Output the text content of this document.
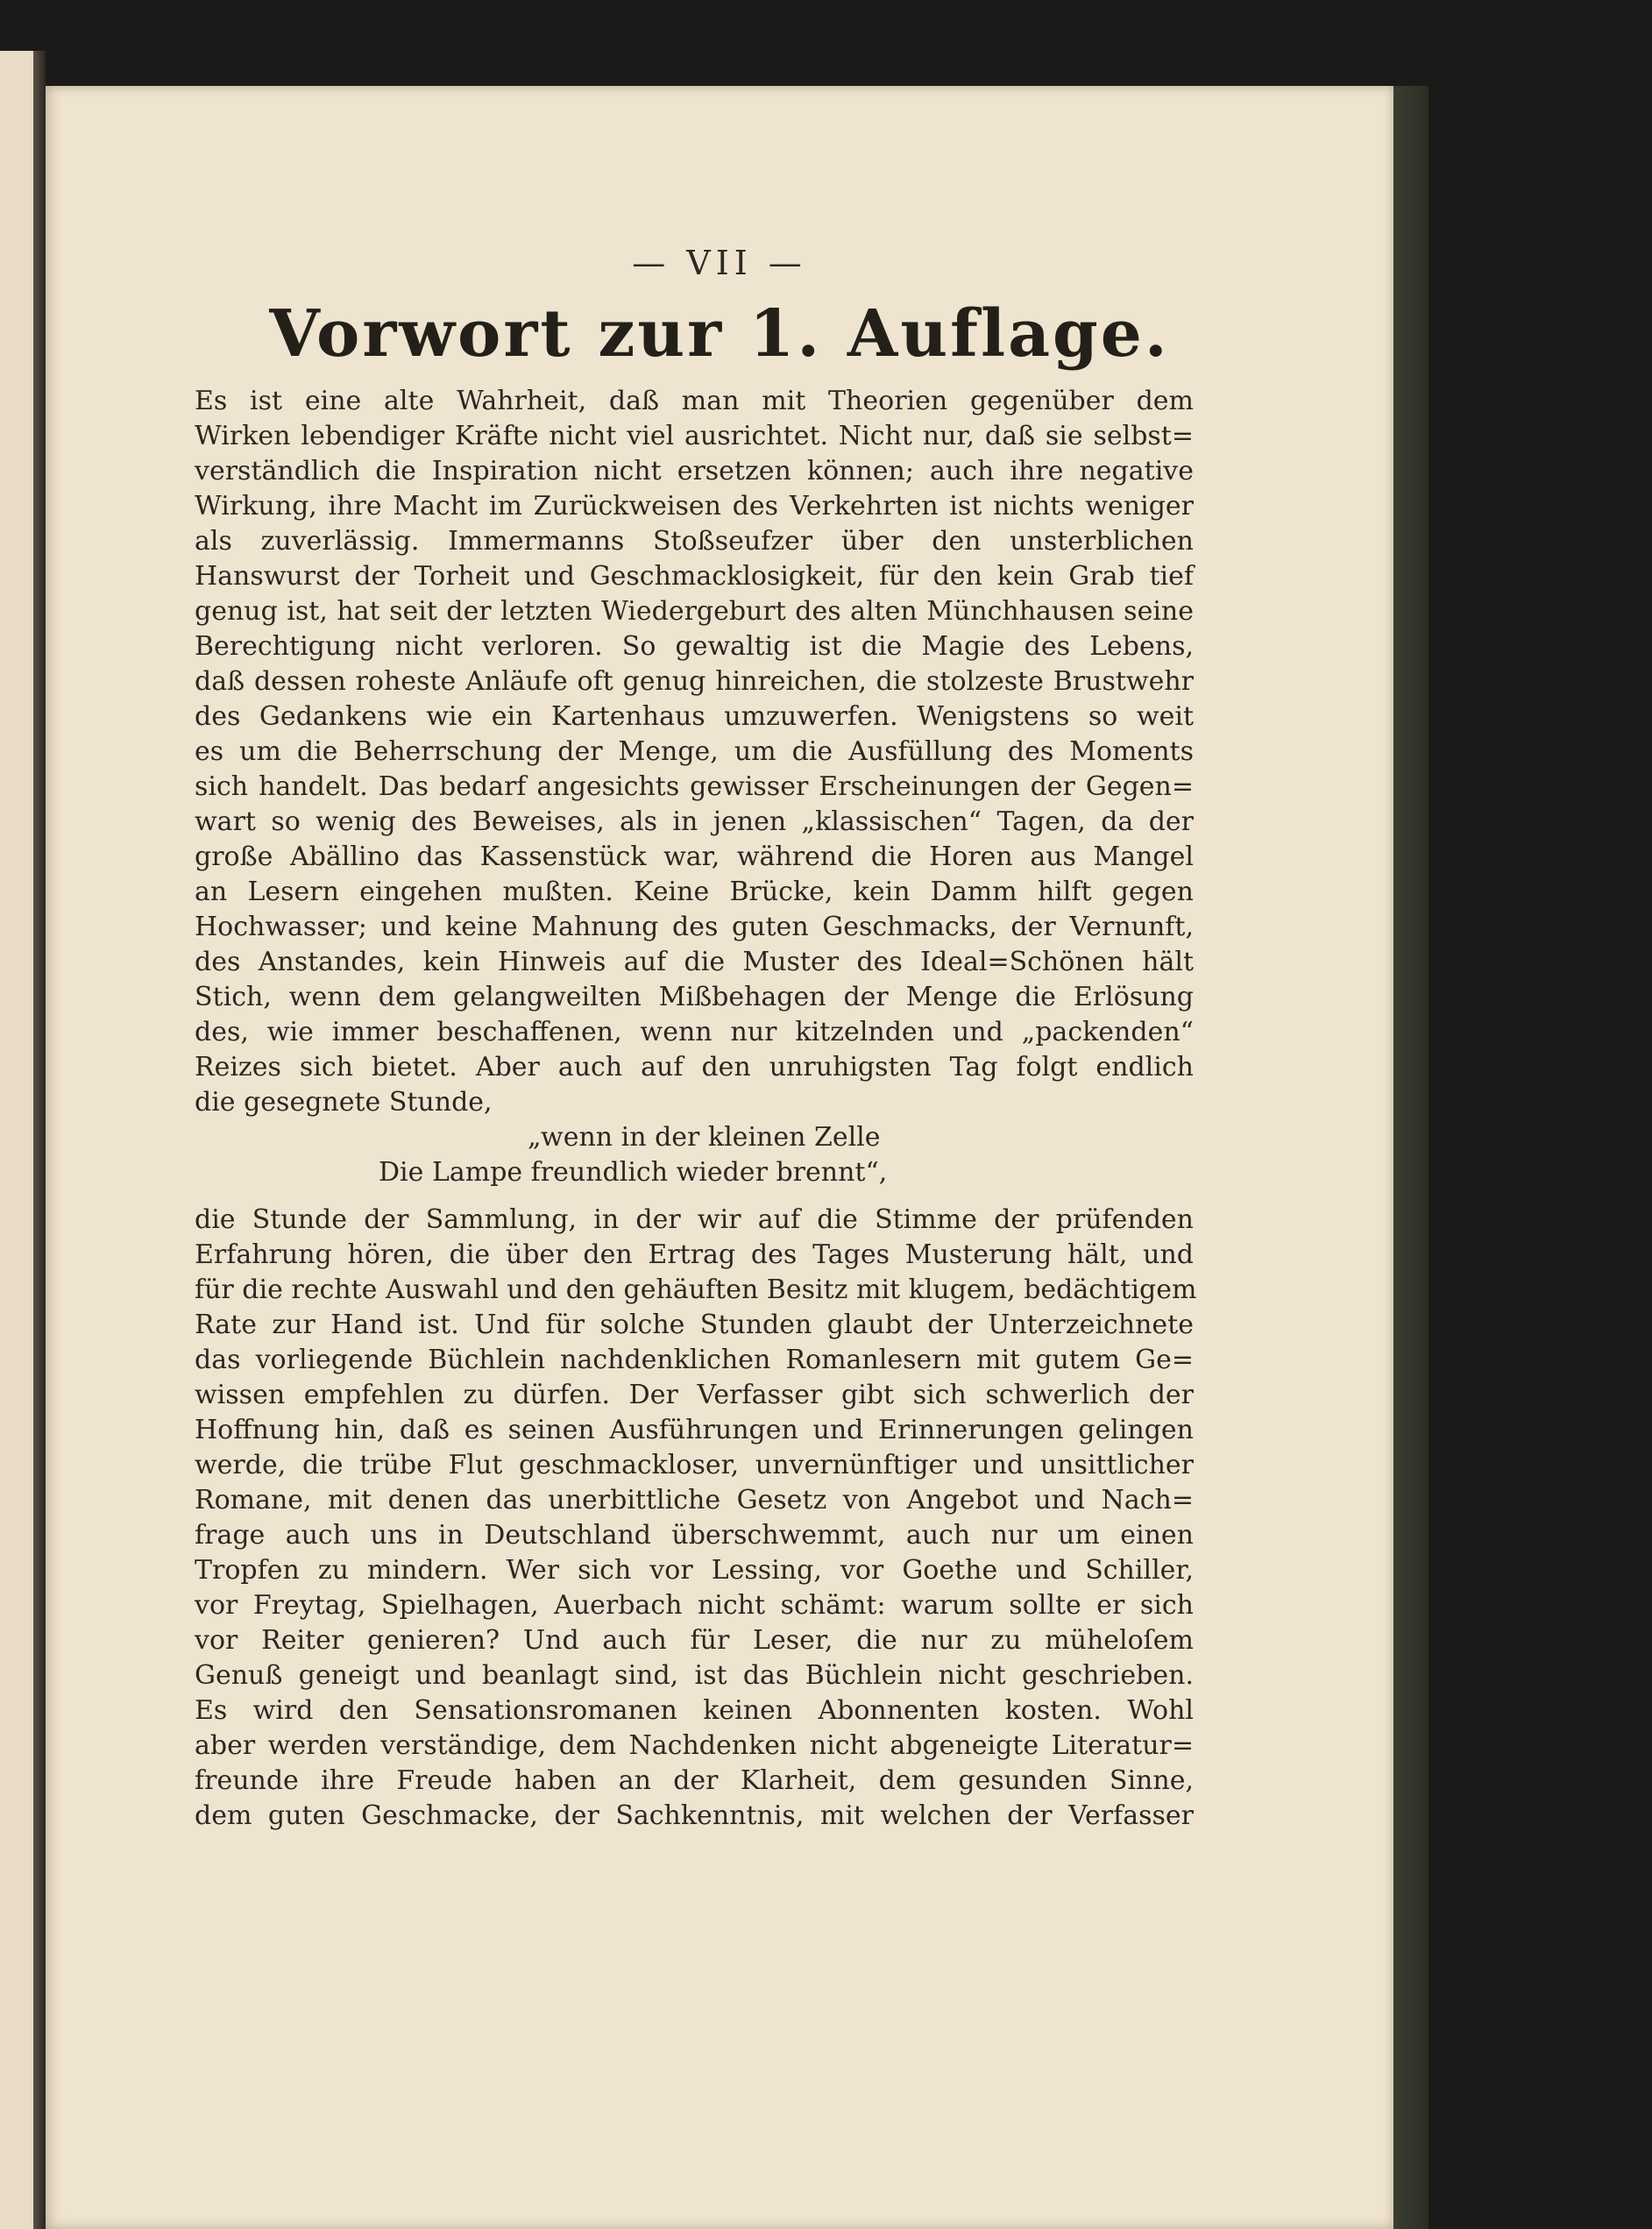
— VII —
Vorwort zur 1. Auflage.
Es ist eine alte Wahrheit, daß man mit Theorien gegenüber dem
Wirken lebendiger Kräfte nicht viel ausrichtet. Nicht nur, daß sie selbst=
verständlich die Inspiration nicht ersetzen können; auch ihre negative
Wirkung, ihre Macht im Zurückweisen des Verkehrten ist nichts weniger
als zuverlässig. Immermanns Stoßseufzer über den unsterblichen
Hanswurst der Torheit und Geschmacklosigkeit, für den kein Grab tief
genug ist, hat seit der letzten Wiedergeburt des alten Münchhausen seine
Berechtigung nicht verloren. So gewaltig ist die Magie des Lebens,
daß dessen roheste Anläufe oft genug hinreichen, die stolzeste Brustwehr
des Gedankens wie ein Kartenhaus umzuwerfen. Wenigstens so weit
es um die Beherrschung der Menge, um die Ausfüllung des Moments
sich handelt. Das bedarf angesichts gewisser Erscheinungen der Gegen=
wart so wenig des Beweises, als in jenen „klassischen“ Tagen, da der
große Abällino das Kassenstück war, während die Horen aus Mangel
an Lesern eingehen mußten. Keine Brücke, kein Damm hilft gegen
Hochwasser; und keine Mahnung des guten Geschmacks, der Vernunft,
des Anstandes, kein Hinweis auf die Muster des Ideal=Schönen hält
Stich, wenn dem gelangweilten Mißbehagen der Menge die Erlösung
des, wie immer beschaffenen, wenn nur kitzelnden und „packenden“
Reizes sich bietet. Aber auch auf den unruhigsten Tag folgt endlich
die gesegnete Stunde,
„wenn in der kleinen Zelle
Die Lampe freundlich wieder brennt“,
die Stunde der Sammlung, in der wir auf die Stimme der prüfenden
Erfahrung hören, die über den Ertrag des Tages Musterung hält, und
für die rechte Auswahl und den gehäuften Besitz mit klugem, bedächtigem
Rate zur Hand ist. Und für solche Stunden glaubt der Unterzeichnete
das vorliegende Büchlein nachdenklichen Romanlesern mit gutem Ge=
wissen empfehlen zu dürfen. Der Verfasser gibt sich schwerlich der
Hoffnung hin, daß es seinen Ausführungen und Erinnerungen gelingen
werde, die trübe Flut geschmackloser, unvernünftiger und unsittlicher
Romane, mit denen das unerbittliche Gesetz von Angebot und Nach=
frage auch uns in Deutschland überschwemmt, auch nur um einen
Tropfen zu mindern. Wer sich vor Lessing, vor Goethe und Schiller,
vor Freytag, Spielhagen, Auerbach nicht schämt: warum sollte er sich
vor Reiter genieren? Und auch für Leser, die nur zu müheloſem
Genuß geneigt und beanlagt sind, ist das Büchlein nicht geschrieben.
Es wird den Sensationsromanen keinen Abonnenten kosten. Wohl
aber werden verständige, dem Nachdenken nicht abgeneigte Literatur=
freunde ihre Freude haben an der Klarheit, dem gesunden Sinne,
dem guten Geschmacke, der Sachkenntnis, mit welchen der Verfasser
